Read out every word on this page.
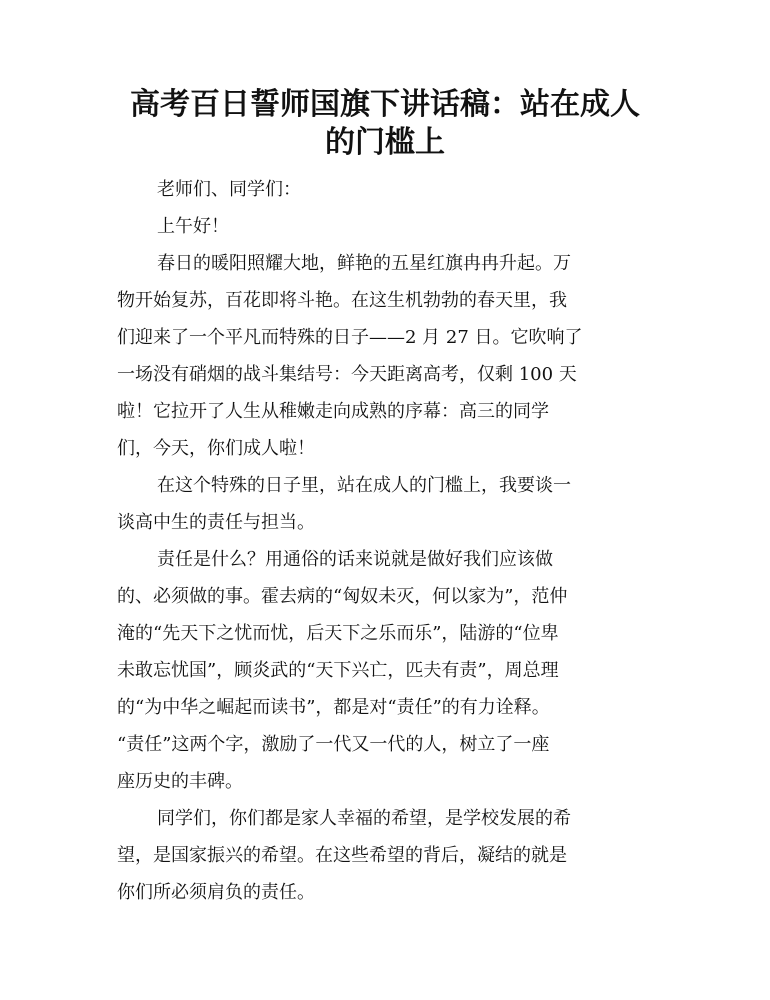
高考百日誓师国旗下讲话稿：站在成人
的门槛上

老师们、同学们：

上午好！

春日的暖阳照耀大地，鲜艳的五星红旗冉冉升起。万

物开始复苏，百花即将斗艳。在这生机勃勃的春天里，我

们迎来了一个平凡而特殊的日子——2 月 27 日。它吹响了

一场没有硝烟的战斗集结号：今天距离高考，仅剩 100 天

啦！它拉开了人生从稚嫩走向成熟的序幕：高三的同学

们，今天，你们成人啦！

在这个特殊的日子里，站在成人的门槛上，我要谈一

谈高中生的责任与担当。

责任是什么？用通俗的话来说就是做好我们应该做

的、必须做的事。霍去病的“匈奴未灭，何以家为”，范仲

淹的“先天下之忧而忧，后天下之乐而乐”，陆游的“位卑

未敢忘忧国”，顾炎武的“天下兴亡，匹夫有责”，周总理

的“为中华之崛起而读书”，都是对“责任”的有力诠释。

“责任”这两个字，激励了一代又一代的人，树立了一座

座历史的丰碑。

同学们，你们都是家人幸福的希望，是学校发展的希

望，是国家振兴的希望。在这些希望的背后，凝结的就是

你们所必须肩负的责任。
